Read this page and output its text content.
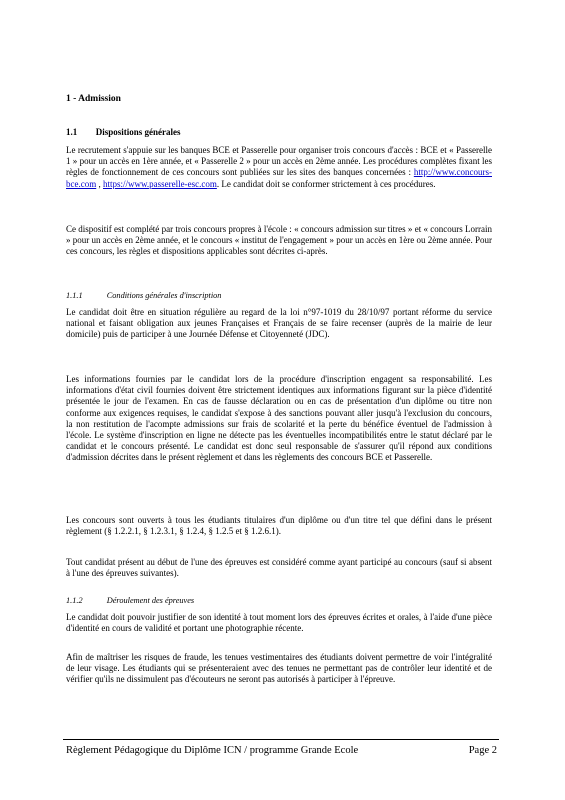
1 - Admission
1.1 Dispositions générales

Le recrutement s'appuie sur les banques BCE et Passerelle pour organiser trois concours d'accès : BCE et « Passerelle 1 » pour un accès en 1ère année, et « Passerelle 2 » pour un accès en 2ème année. Les procédures complètes fixant les règles de fonctionnement de ces concours sont publiées sur les sites des banques concernées : http://www.concours-bce.com , https://www.passerelle-esc.com. Le candidat doit se conformer strictement à ces procédures.

Ce dispositif est complété par trois concours propres à l'école : « concours admission sur titres » et « concours Lorrain » pour un accès en 2ème année, et le concours « institut de l'engagement » pour un accès en 1ère ou 2ème année. Pour ces concours, les règles et dispositions applicables sont décrites ci-après.

1.1.1	Conditions générales d'inscription

Le candidat doit être en situation régulière au regard de la loi n°97-1019 du 28/10/97 portant réforme du service national et faisant obligation aux jeunes Françaises et Français de se faire recenser (auprès de la mairie de leur domicile) puis de participer à une Journée Défense et Citoyenneté (JDC).

Les informations fournies par le candidat lors de la procédure d'inscription engagent sa responsabilité. Les informations d'état civil fournies doivent être strictement identiques aux informations figurant sur la pièce d'identité présentée le jour de l'examen. En cas de fausse déclaration ou en cas de présentation d'un diplôme ou titre non conforme aux exigences requises, le candidat s'expose à des sanctions pouvant aller jusqu'à l'exclusion du concours, la non restitution de l'acompte admissions sur frais de scolarité et la perte du bénéfice éventuel de l'admission à l'école. Le système d'inscription en ligne ne détecte pas les éventuelles incompatibilités entre le statut déclaré par le candidat et le concours présenté. Le candidat est donc seul responsable de s'assurer qu'il répond aux conditions d'admission décrites dans le présent règlement et dans les règlements des concours BCE et Passerelle.

Les concours sont ouverts à tous les étudiants titulaires d'un diplôme ou d'un titre tel que défini dans le présent règlement (§ 1.2.2.1, § 1.2.3.1, § 1.2.4, § 1.2.5 et § 1.2.6.1).

Tout candidat présent au début de l'une des épreuves est considéré comme ayant participé au concours (sauf si absent à l'une des épreuves suivantes).

1.1.2	Déroulement des épreuves

Le candidat doit pouvoir justifier de son identité à tout moment lors des épreuves écrites et orales, à l'aide d'une pièce d'identité en cours de validité et portant une photographie récente.

Afin de maîtriser les risques de fraude, les tenues vestimentaires des étudiants doivent permettre de voir l'intégralité de leur visage. Les étudiants qui se présenteraient avec des tenues ne permettant pas de contrôler leur identité et de vérifier qu'ils ne dissimulent pas d'écouteurs ne seront pas autorisés à participer à l'épreuve.

Règlement Pédagogique du Diplôme ICN / programme Grande Ecole	Page 2
